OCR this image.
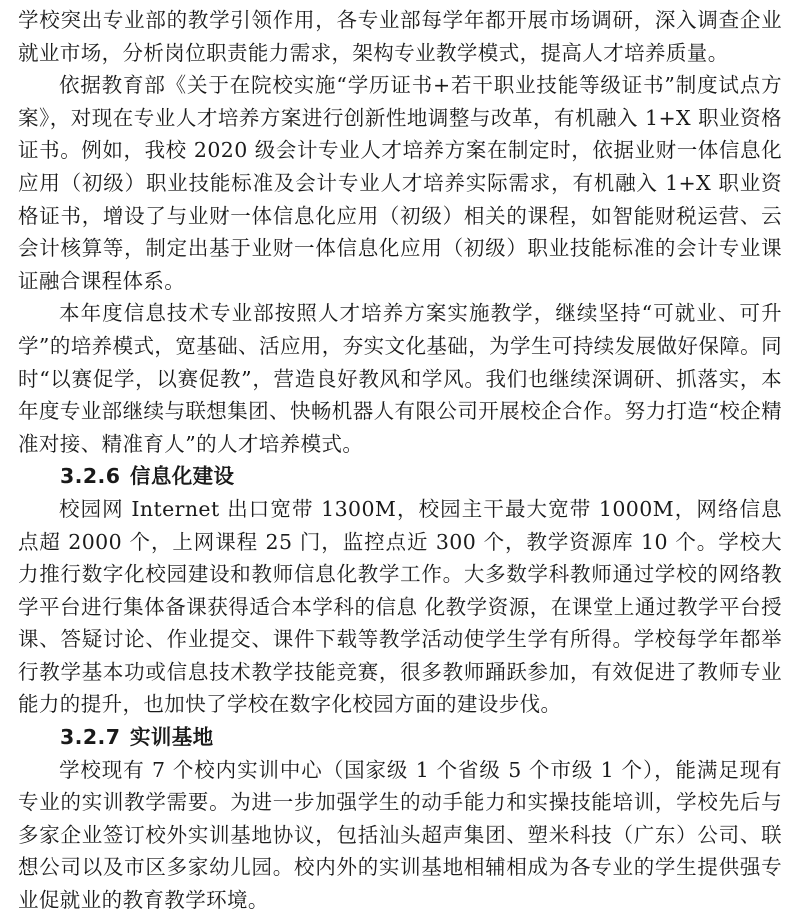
学校突出专业部的教学引领作用，各专业部每学年都开展市场调研，深入调查企业就业市场，分析岗位职责能力需求，架构专业教学模式，提高人才培养质量。

依据教育部《关于在院校实施“学历证书+若干职业技能等级证书”制度试点方案》，对现在专业人才培养方案进行创新性地调整与改革，有机融入 1+X 职业资格证书。例如，我校 2020 级会计专业人才培养方案在制定时，依据业财一体信息化应用（初级）职业技能标准及会计专业人才培养实际需求，有机融入 1+X 职业资格证书，增设了与业财一体信息化应用（初级）相关的课程，如智能财税运营、云会计核算等，制定出基于业财一体信息化应用（初级）职业技能标准的会计专业课证融合课程体系。

本年度信息技术专业部按照人才培养方案实施教学，继续坚持“可就业、可升学”的培养模式，宽基础、活应用，夯实文化基础，为学生可持续发展做好保障。同时“以赛促学，以赛促教”，营造良好教风和学风。我们也继续深调研、抓落实，本年度专业部继续与联想集团、快畅机器人有限公司开展校企合作。努力打造“校企精准对接、精准育人”的人才培养模式。

3.2.6 信息化建设

校园网 Internet 出口宽带 1300M，校园主干最大宽带 1000M，网络信息点超 2000 个，上网课程 25 门，监控点近 300 个，教学资源库 10 个。学校大力推行数字化校园建设和教师信息化教学工作。大多数学科教师通过学校的网络教学平台进行集体备课获得适合本学科的信息 化教学资源，在课堂上通过教学平台授课、答疑讨论、作业提交、课件下载等教学活动使学生学有所得。学校每学年都举行教学基本功或信息技术教学技能竞赛，很多教师踊跃参加，有效促进了教师专业能力的提升，也加快了学校在数字化校园方面的建设步伐。

3.2.7 实训基地

学校现有 7 个校内实训中心（国家级 1 个省级 5 个市级 1 个），能满足现有专业的实训教学需要。为进一步加强学生的动手能力和实操技能培训，学校先后与多家企业签订校外实训基地协议，包括汕头超声集团、塑米科技（广东）公司、联想公司以及市区多家幼儿园。校内外的实训基地相辅相成为各专业的学生提供强专业促就业的教育教学环境。
